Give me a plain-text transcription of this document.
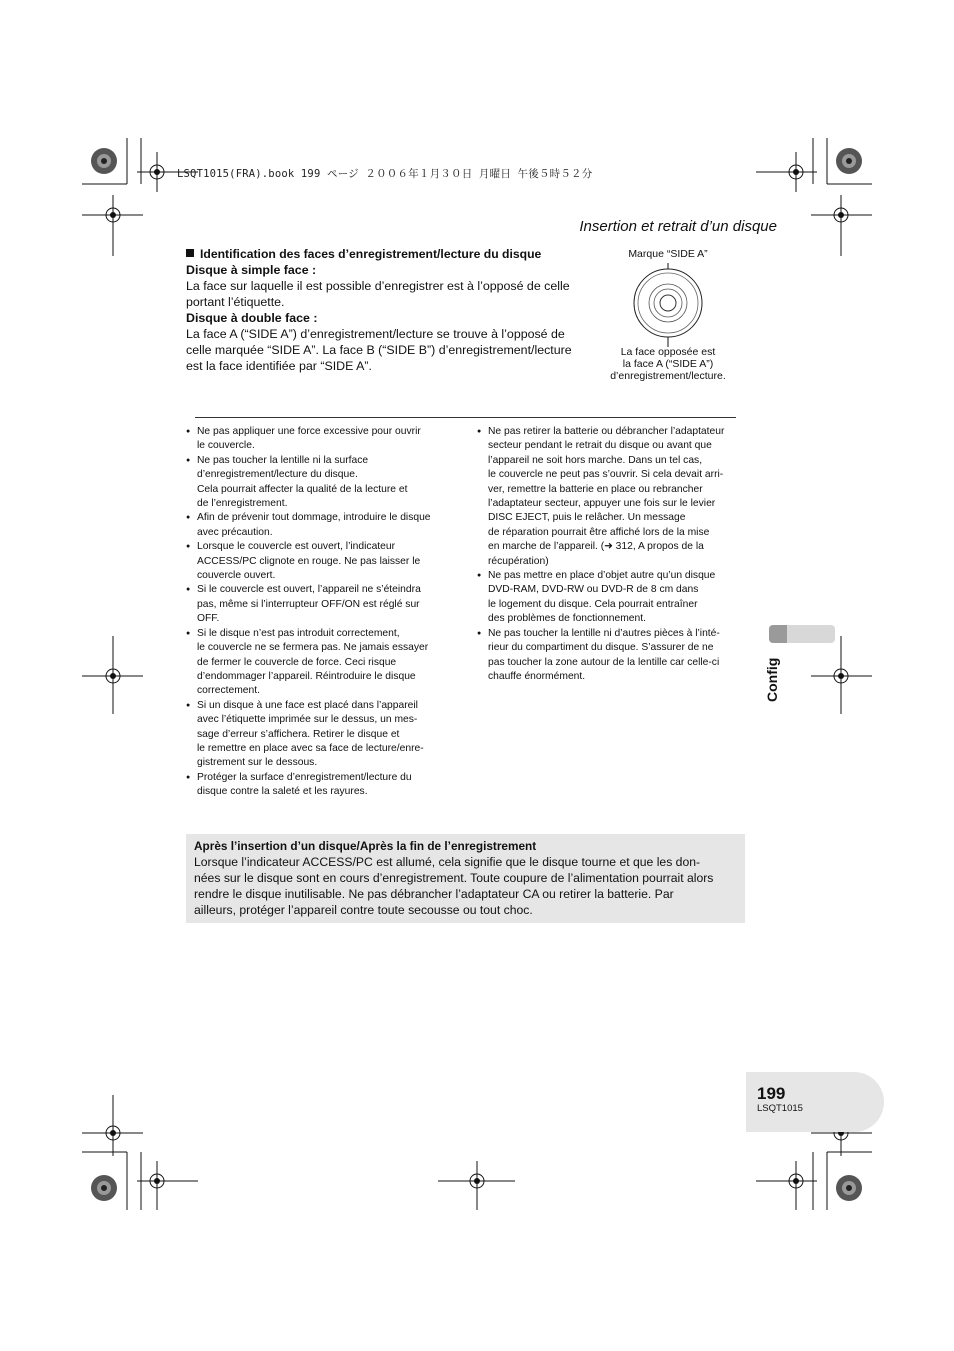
LSQT1015(FRA).book 199 ページ ２００６年１月３０日 月曜日 午後５時５２分
Insertion et retrait d’un disque

Identification des faces d’enregistrement/lecture du disque

Disque à simple face :

La face sur laquelle il est possible d’enregistrer est à l’opposé de celle
portant l’étiquette.

Disque à double face :

La face A (“SIDE A”) d’enregistrement/lecture se trouve à l’opposé de
celle marquée “SIDE A”. La face B (“SIDE B”) d’enregistrement/lecture
est la face identifiée par “SIDE A”.

Marque “SIDE A”
La face opposée est
la face A (“SIDE A”)
d’enregistrement/lecture.
● Ne pas appliquer une force excessive pour ouvrir
le couvercle.
● Ne pas toucher la lentille ni la surface
d’enregistrement/lecture du disque.
Cela pourrait affecter la qualité de la lecture et
de l’enregistrement.
● Afin de prévenir tout dommage, introduire le disque
avec précaution.
● Lorsque le couvercle est ouvert, l’indicateur
ACCESS/PC clignote en rouge. Ne pas laisser le
couvercle ouvert.
● Si le couvercle est ouvert, l’appareil ne s’éteindra
pas, même si l’interrupteur OFF/ON est réglé sur
OFF.
● Si le disque n’est pas introduit correctement,
le couvercle ne se fermera pas. Ne jamais essayer
de fermer le couvercle de force. Ceci risque
d’endommager l’appareil. Réintroduire le disque
correctement.
● Si un disque à une face est placé dans l’appareil
avec l’étiquette imprimée sur le dessus, un mes-
sage d’erreur s’affichera. Retirer le disque et
le remettre en place avec sa face de lecture/enre-
gistrement sur le dessous.
● Protéger la surface d’enregistrement/lecture du
disque contre la saleté et les rayures.
● Ne pas retirer la batterie ou débrancher l’adaptateur
secteur pendant le retrait du disque ou avant que
l’appareil ne soit hors marche. Dans un tel cas,
le couvercle ne peut pas s’ouvrir. Si cela devait arri-
ver, remettre la batterie en place ou rebrancher
l’adaptateur secteur, appuyer une fois sur le levier
DISC EJECT, puis le relâcher. Un message
de réparation pourrait être affiché lors de la mise
en marche de l’appareil. (➜ 312, A propos de la
récupération)
● Ne pas mettre en place d’objet autre qu’un disque
DVD-RAM, DVD-RW ou DVD-R de 8 cm dans
le logement du disque. Cela pourrait entraîner
des problèmes de fonctionnement.
● Ne pas toucher la lentille ni d’autres pièces à l’inté-
rieur du compartiment du disque. S’assurer de ne
pas toucher la zone autour de la lentille car celle-ci
chauffe énormément.	Config

Après l’insertion d’un disque/Après la fin de l’enregistrement

Lorsque l’indicateur ACCESS/PC est allumé, cela signifie que le disque tourne et que les don-
nées sur le disque sont en cours d’enregistrement. Toute coupure de l’alimentation pourrait alors
rendre le disque inutilisable. Ne pas débrancher l’adaptateur CA ou retirer la batterie. Par
ailleurs, protéger l’appareil contre toute secousse ou tout choc.

199
LSQT1015
